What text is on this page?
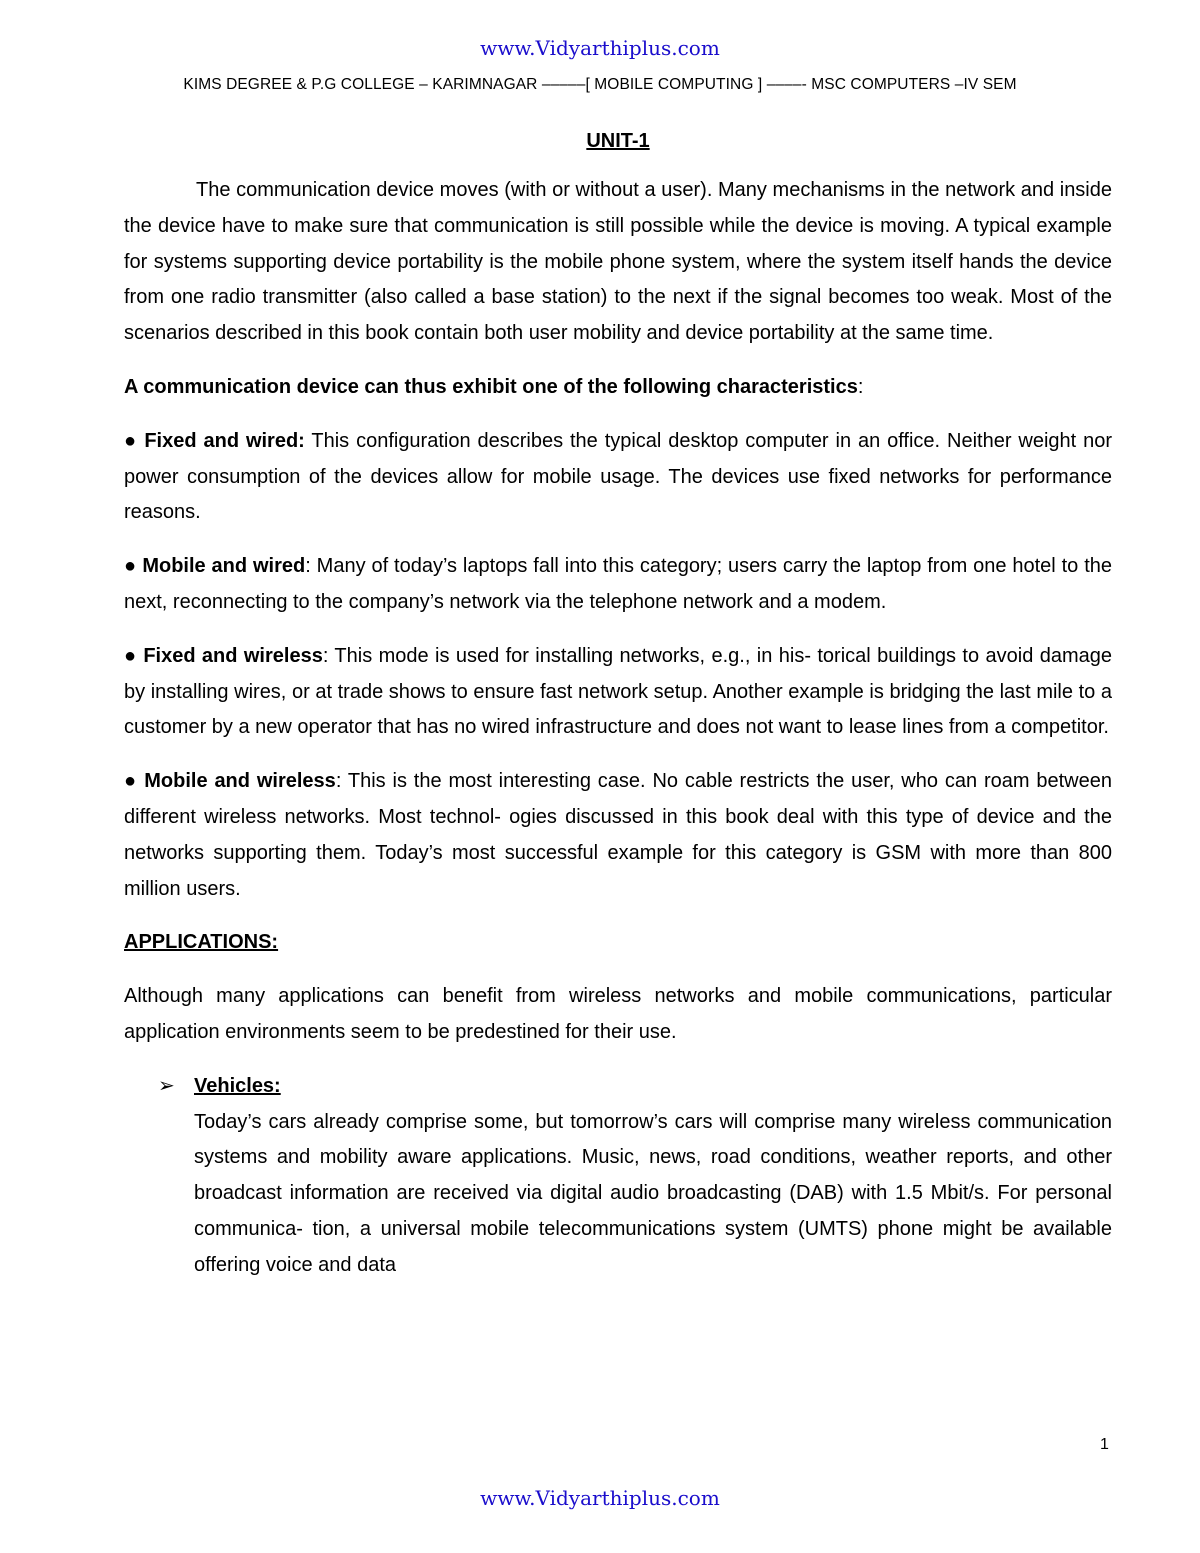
www.Vidyarthiplus.com
KIMS DEGREE & P.G COLLEGE – KARIMNAGAR –––––[ MOBILE COMPUTING ] ––––- MSC COMPUTERS –IV SEM
UNIT-1

The communication device moves (with or without a user). Many mechanisms in the network and inside the device have to make sure that communication is still possible while the device is moving. A typical example for systems supporting device portability is the mobile phone system, where the system itself hands the device from one radio transmitter (also called a base station) to the next if the signal becomes too weak. Most of the scenarios described in this book contain both user mobility and device portability at the same time.

A communication device can thus exhibit one of the following characteristics:

● Fixed and wired: This configuration describes the typical desktop computer in an office. Neither weight nor power consumption of the devices allow for mobile usage. The devices use fixed networks for performance reasons.

● Mobile and wired: Many of today’s laptops fall into this category; users carry the laptop from one hotel to the next, reconnecting to the company’s network via the telephone network and a modem.

● Fixed and wireless: This mode is used for installing networks, e.g., in his- torical buildings to avoid damage by installing wires, or at trade shows to ensure fast network setup. Another example is bridging the last mile to a customer by a new operator that has no wired infrastructure and does not want to lease lines from a competitor.

● Mobile and wireless: This is the most interesting case. No cable restricts the user, who can roam between different wireless networks. Most technol- ogies discussed in this book deal with this type of device and the networks supporting them. Today’s most successful example for this category is GSM with more than 800 million users.

APPLICATIONS:

Although many applications can benefit from wireless networks and mobile communications, particular application environments seem to be predestined for their use.

➢ Vehicles:

Today’s cars already comprise some, but tomorrow’s cars will comprise many wireless communication systems and mobility aware applications. Music, news, road conditions, weather reports, and other broadcast information are received via digital audio broadcasting (DAB) with 1.5 Mbit/s. For personal communica- tion, a universal mobile telecommunications system (UMTS) phone might be available offering voice and data

1
www.Vidyarthiplus.com
